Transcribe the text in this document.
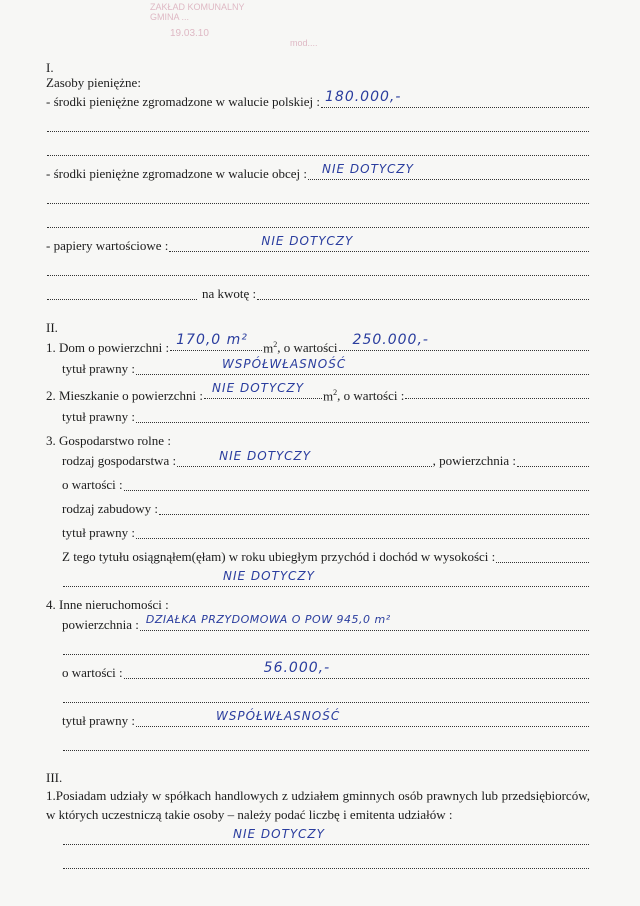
ZAKŁAD KOMUNALNY
GMINA ...
19.03.10
mod....
I.
Zasoby pieniężne:
- środki pieniężne zgromadzone w walucie polskiej : 180.000,-
- środki pieniężne zgromadzone w walucie obcej : NIE DOTYCZY
- papiery wartościowe :	NIE DOTYCZY
na kwotę :
II.
1. Dom o powierzchni : 170,0 m² $m^2$ , o wartości 250.000,-
tytuł prawny :	WSPÓŁWŁASNOŚĆ
2. Mieszkanie o powierzchni :
NIE DOTYCZY
$m^2$ , o wartości :
tytuł prawny :
3. Gospodarstwo rolne :
rodzaj gospodarstwa :	NIE DOTYCZY	, powierzchnia :
o wartości :
rodzaj zabudowy :
tytuł prawny :
Z tego tytułu osiągnąłem(ęłam) w roku ubiegłym przychód i dochód w wysokości :
NIE DOTYCZY
4. Inne nieruchomości :
powierzchnia : DZIAŁKA PRZYDOMOWA O POW 945,0 m²
o wartości :	56.000,-
tytuł prawny :	WSPÓŁWŁASNOŚĆ
III.
1.Posiadam udziały w spółkach handlowych z udziałem gminnych osób prawnych lub przedsiębiorców, w których uczestniczą takie osoby – należy podać liczbę i emitenta udziałów :
NIE DOTYCZY
